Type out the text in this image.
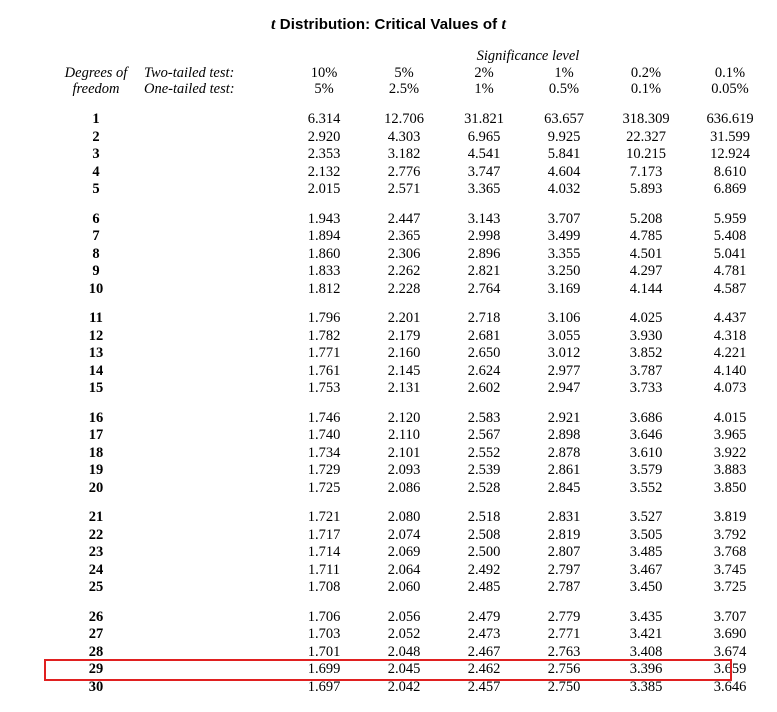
t Distribution: Critical Values of t
		Significance level					

Degrees of
freedom	Two-tailed test:	10%	5%	2%	1%	0.2%	0.1%
	One-tailed test:	5%	2.5%	1%	0.5%	0.1%	0.05%

1		6.314	12.706	31.821	63.657	318.309	636.619
2		2.920	4.303	6.965	9.925	22.327	31.599
3		2.353	3.182	4.541	5.841	10.215	12.924
4		2.132	2.776	3.747	4.604	7.173	8.610
5		2.015	2.571	3.365	4.032	5.893	6.869

6		1.943	2.447	3.143	3.707	5.208	5.959
7		1.894	2.365	2.998	3.499	4.785	5.408
8		1.860	2.306	2.896	3.355	4.501	5.041
9		1.833	2.262	2.821	3.250	4.297	4.781
10		1.812	2.228	2.764	3.169	4.144	4.587

11		1.796	2.201	2.718	3.106	4.025	4.437
12		1.782	2.179	2.681	3.055	3.930	4.318
13		1.771	2.160	2.650	3.012	3.852	4.221
14		1.761	2.145	2.624	2.977	3.787	4.140
15		1.753	2.131	2.602	2.947	3.733	4.073

16		1.746	2.120	2.583	2.921	3.686	4.015
17		1.740	2.110	2.567	2.898	3.646	3.965
18		1.734	2.101	2.552	2.878	3.610	3.922
19		1.729	2.093	2.539	2.861	3.579	3.883
20		1.725	2.086	2.528	2.845	3.552	3.850

21		1.721	2.080	2.518	2.831	3.527	3.819
22		1.717	2.074	2.508	2.819	3.505	3.792
23		1.714	2.069	2.500	2.807	3.485	3.768
24		1.711	2.064	2.492	2.797	3.467	3.745
25		1.708	2.060	2.485	2.787	3.450	3.725

26		1.706	2.056	2.479	2.779	3.435	3.707
27		1.703	2.052	2.473	2.771	3.421	3.690
28		1.701	2.048	2.467	2.763	3.408	3.674
29		1.699	2.045	2.462	2.756	3.396	3.659
30		1.697	2.042	2.457	2.750	3.385	3.646
